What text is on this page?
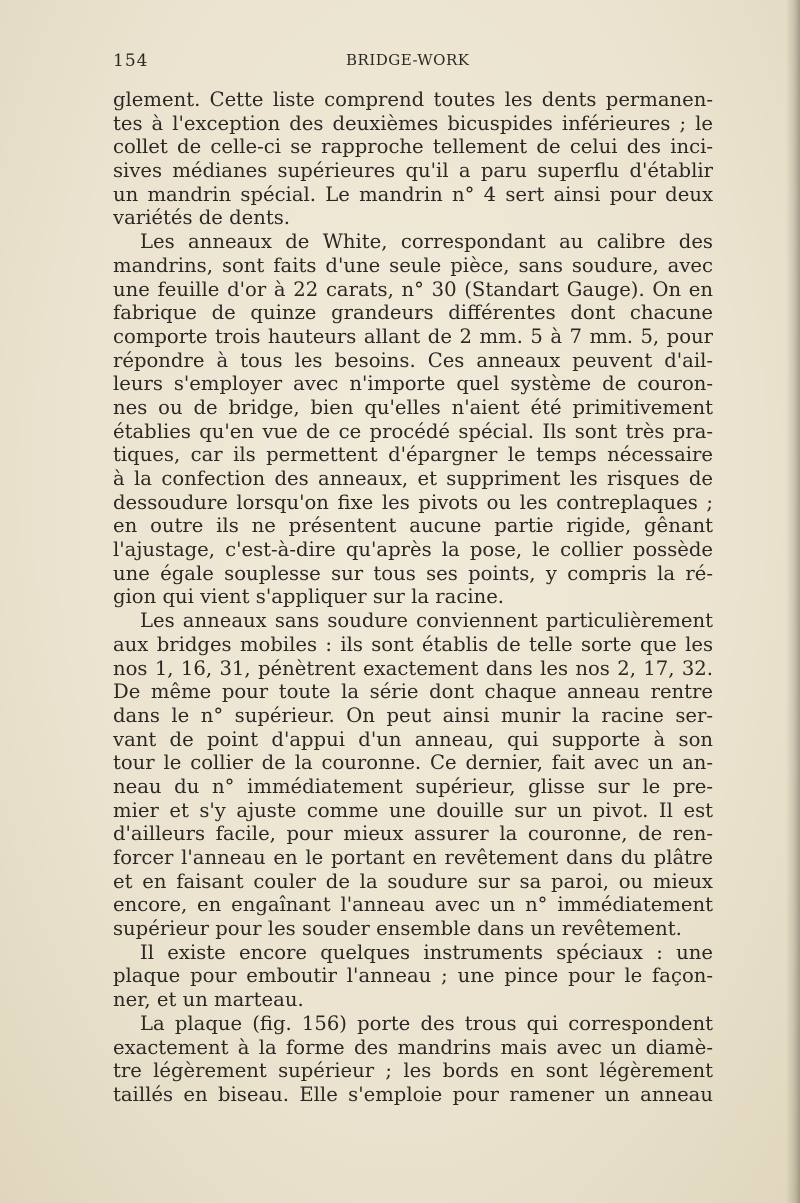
154	BRIDGE-WORK
glement. Cette liste comprend toutes les dents permanen-
tes à l'exception des deuxièmes bicuspides inférieures ; le
collet de celle-ci se rapproche tellement de celui des inci-
sives médianes supérieures qu'il a paru superflu d'établir
un mandrin spécial. Le mandrin n° 4 sert ainsi pour deux
variétés de dents.
Les anneaux de White, correspondant au calibre des
mandrins, sont faits d'une seule pièce, sans soudure, avec
une feuille d'or à 22 carats, n° 30 (Standart Gauge). On en
fabrique de quinze grandeurs différentes dont chacune
comporte trois hauteurs allant de 2 mm. 5 à 7 mm. 5, pour
répondre à tous les besoins. Ces anneaux peuvent d'ail-
leurs s'employer avec n'importe quel système de couron-
nes ou de bridge, bien qu'elles n'aient été primitivement
établies qu'en vue de ce procédé spécial. Ils sont très pra-
tiques, car ils permettent d'épargner le temps nécessaire
à la confection des anneaux, et suppriment les risques de
dessoudure lorsqu'on fixe les pivots ou les contreplaques ;
en outre ils ne présentent aucune partie rigide, gênant
l'ajustage, c'est-à-dire qu'après la pose, le collier possède
une égale souplesse sur tous ses points, y compris la ré-
gion qui vient s'appliquer sur la racine.
Les anneaux sans soudure conviennent particulièrement
aux bridges mobiles : ils sont établis de telle sorte que les
nos 1, 16, 31, pénètrent exactement dans les nos 2, 17, 32.
De même pour toute la série dont chaque anneau rentre
dans le n° supérieur. On peut ainsi munir la racine ser-
vant de point d'appui d'un anneau, qui supporte à son
tour le collier de la couronne. Ce dernier, fait avec un an-
neau du n° immédiatement supérieur, glisse sur le pre-
mier et s'y ajuste comme une douille sur un pivot. Il est
d'ailleurs facile, pour mieux assurer la couronne, de ren-
forcer l'anneau en le portant en revêtement dans du plâtre
et en faisant couler de la soudure sur sa paroi, ou mieux
encore, en engaînant l'anneau avec un n° immédiatement
supérieur pour les souder ensemble dans un revêtement.
Il existe encore quelques instruments spéciaux : une
plaque pour emboutir l'anneau ; une pince pour le façon-
ner, et un marteau.
La plaque (fig. 156) porte des trous qui correspondent
exactement à la forme des mandrins mais avec un diamè-
tre légèrement supérieur ; les bords en sont légèrement
taillés en biseau. Elle s'emploie pour ramener un anneau
